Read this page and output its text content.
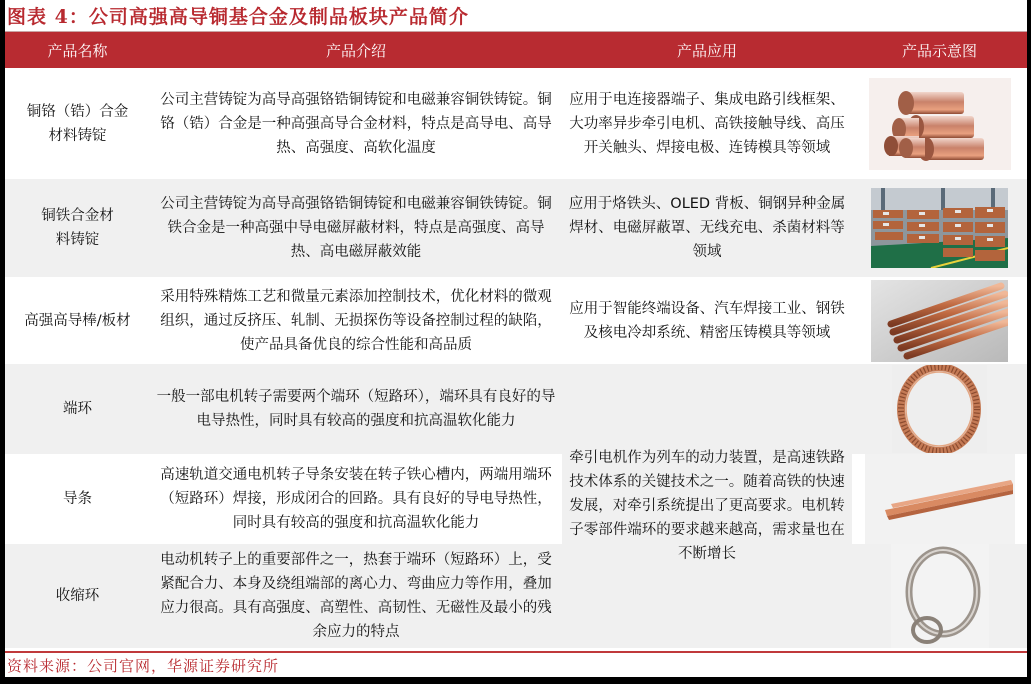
图表 4：公司高强高导铜基合金及制品板块产品简介
产品名称	产品介绍	产品应用	产品示意图

铜铬（锆）合金材料铸锭	公司主营铸锭为高导高强铬锆铜铸锭和电磁兼容铜铁铸锭。铜铬（锆）合金是一种高强高导合金材料，特点是高导电、高导热、高强度、高软化温度	应用于电连接器端子、集成电路引线框架、大功率异步牵引电机、高铁接触导线、高压开关触头、焊接电极、连铸模具等领域	

铜铁合金材料铸锭	公司主营铸锭为高导高强铬锆铜铸锭和电磁兼容铜铁铸锭。铜铁合金是一种高强中导电磁屏蔽材料，特点是高强度、高导热、高电磁屏蔽效能	应用于烙铁头、OLED 背板、铜钢异种金属焊材、电磁屏蔽罩、无线充电、杀菌材料等领域	

高强高导棒/板材	采用特殊精炼工艺和微量元素添加控制技术，优化材料的微观组织，通过反挤压、轧制、无损探伤等设备控制过程的缺陷，使产品具备优良的综合性能和高品质	应用于智能终端设备、汽车焊接工业、钢铁及核电冷却系统、精密压铸模具等领域	

端环	一般一部电机转子需要两个端环（短路环），端环具有良好的导电导热性，同时具有较高的强度和抗高温软化能力	牵引电机作为列车的动力装置，是高速铁路技术体系的关键技术之一。随着高铁的快速发展，对牵引系统提出了更高要求。电机转子零部件端环的要求越来越高，需求量也在不断增长	

导条	高速轨道交通电机转子导条安装在转子铁心槽内，两端用端环（短路环）焊接，形成闭合的回路。具有良好的导电导热性，同时具有较高的强度和抗高温软化能力	

收缩环	电动机转子上的重要部件之一，热套于端环（短路环）上，受紧配合力、本身及绕组端部的离心力、弯曲应力等作用，叠加应力很高。具有高强度、高塑性、高韧性、无磁性及最小的残余应力的特点	
资料来源：公司官网，华源证券研究所
